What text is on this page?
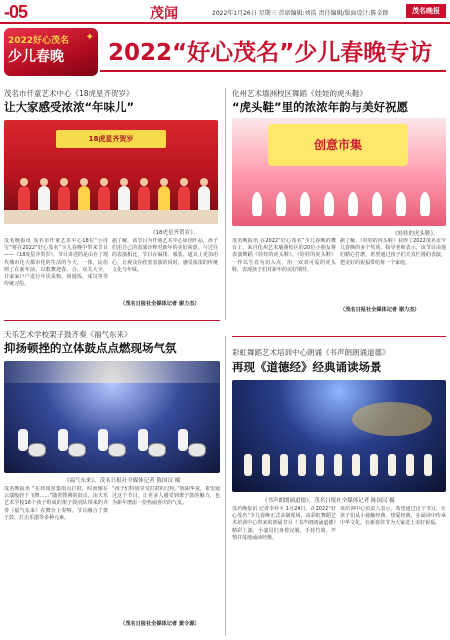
-05	茂闻	2022年1月26日 星期三 首席编辑:刘浩 责任编辑/版面设计:陈金群	茂名晚报
2022好心茂名
少儿春晚
✦
2022“好心茂名”少儿春晚专访
茂名市仟童艺术中心《18虎星齐贺岁》
让大家感受浓浓“年味儿”
18虎星齐贺岁
《18虎星齐贺岁》。
茂名晚报讯 茂名市仟童艺术中心18位“小虎宝”将在2022“好心茂名”少儿春晚中带来节目——《18虎星齐贺岁》。节目讲述的是由在了现代城市化大都市化的生活的今天，一体，民俗则了在新年前，以歌舞迎春、合、双关大全，并家家户户进行年货采购、团圆饭、成员等等传统习俗。
据了解，该节目为仟童艺术中心原创作品，孩子们用自己的表演诠释对新年的美好祝愿。与过往的表演相比，节目在编排、服装、道具上更加用心，让观众在欣赏表演的同时，感受浓浓的传统文化与年味。
（茂名日报社全媒体记者 谢力杰）
化州艺术墙洲校区舞蹈《娃娃的虎头鞋》
“虎头鞋”里的浓浓年韵与美好祝愿
创意市集
《娃娃的虎头鞋》。
茂名晚报讯 在2022“好心茂名”少儿春晚的舞台上，来自化州艺术墙洲校区的20位小朋友将表演舞蹈《娃娃的虎头鞋》。《娃娃的虎头鞋》一作以生肖为切入点，用一双双可爱的虎头鞋，表现孩子们对新年的美好期待。
据了解，《娃娃的虎头鞋》获得了2022茂名市少儿春晚的多个奖项。指导老师表示，该节目由他们精心打磨，希望通过孩子们天真烂漫的表演，把美好的祝福带给每一个家庭。
（茂名日报社全媒体记者 谢力杰）
天乐艺术学校架子鼓齐奏《福气东来》
抑扬顿挫的立体鼓点点燃现场气氛
《福气东来》。茂名日报社全媒体记者 陈国汉 摄
茂名晚报讯 “在却如密集雨点打鼓，时而像在云端般轻千飞舞……”随着铿锵的鼓点，由天乐艺术学校16个孩子组成的架子鼓团队带来的齐奏《福气东来》在舞台上奏响。节目融合了架子鼓、打击乐器等多种元素。
“孩子们特别享受打鼓的过程。”陈丽华说，希望通过这个节目，让更多人感受到架子鼓的魅力，也为新年增添一份热闹喜庆的气氛。
（茂名日报社全媒体记者 黄令源）
彩虹舞蹈艺术培训中心朗诵《书声朗朗诵道德》
再现《道德经》经典诵读场景
《书声朗朗诵道德》。茂名日报社全媒体记者 陈国汉 摄
茂名晚报讯 记者李祥平 1月24日，在2022“好心茂名”少儿春晚正式录制现场，由彩虹舞蹈艺术培训中心带来的朗诵节目《书声朗朗诵道德》精彩上演，小演员们身着汉服，手持竹简，声情并茂地诵读经典。
该培训中心负责人表示，希望通过这个节目，让孩子们从小接触经典、热爱经典，在诵读中传承中华文化，在新春佳节为大家送上美好祝福。
